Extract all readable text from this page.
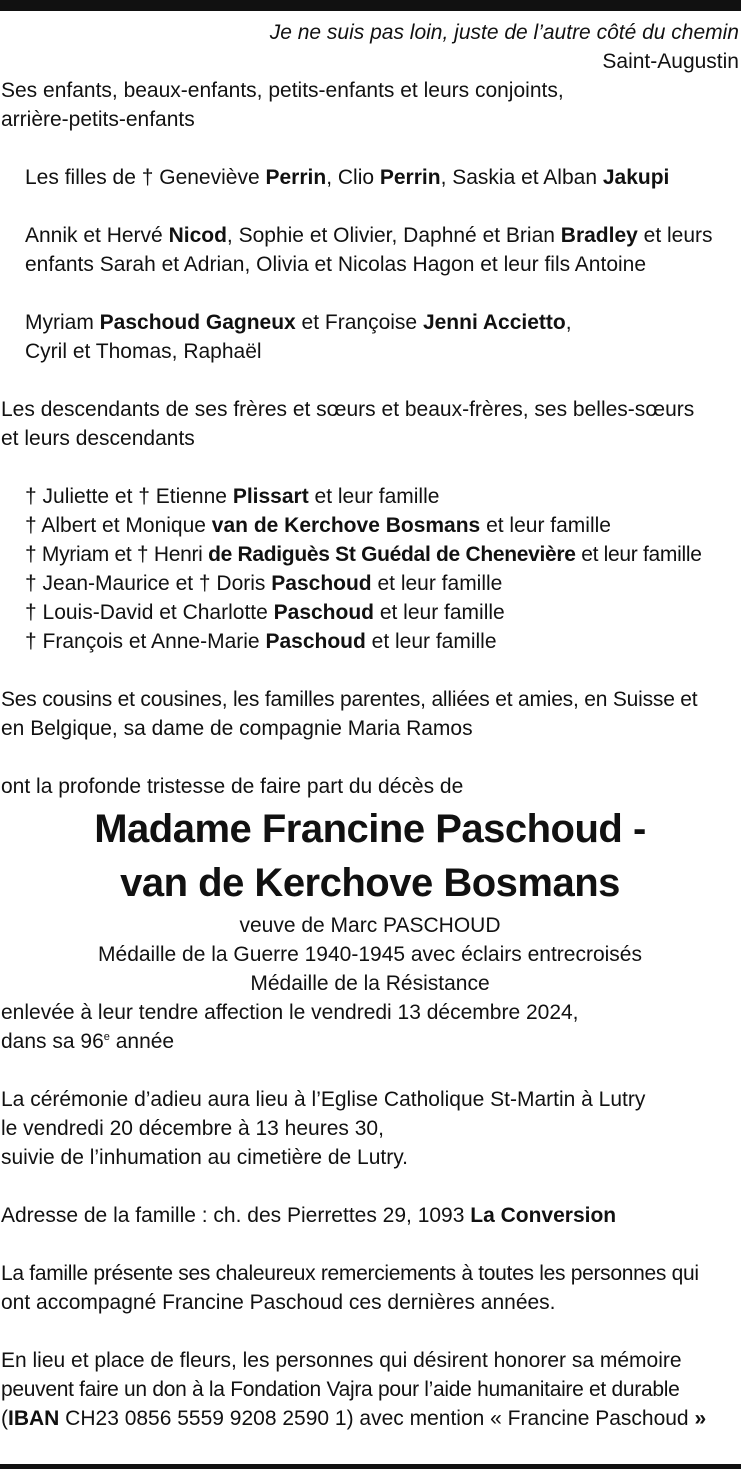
Je ne suis pas loin, juste de l’autre côté du chemin
Saint-Augustin
Ses enfants, beaux-enfants, petits-enfants et leurs conjoints,
arrière-petits-enfants
Les filles de † Geneviève Perrin, Clio Perrin, Saskia et Alban Jakupi
Annik et Hervé Nicod, Sophie et Olivier, Daphné et Brian Bradley et leurs
enfants Sarah et Adrian, Olivia et Nicolas Hagon et leur fils Antoine
Myriam Paschoud Gagneux et Françoise Jenni Accietto,
Cyril et Thomas, Raphaël
Les descendants de ses frères et sœurs et beaux-frères, ses belles-sœurs
et leurs descendants
† Juliette et † Etienne Plissart et leur famille
† Albert et Monique van de Kerchove Bosmans et leur famille
† Myriam et † Henri de Radiguès St Guédal de Chenevière et leur famille
† Jean-Maurice et † Doris Paschoud et leur famille
† Louis-David et Charlotte Paschoud et leur famille
† François et Anne-Marie Paschoud et leur famille
Ses cousins et cousines, les familles parentes, alliées et amies, en Suisse et
en Belgique, sa dame de compagnie Maria Ramos
ont la profonde tristesse de faire part du décès de
Madame Francine Paschoud -
van de Kerchove Bosmans
veuve de Marc PASCHOUD
Médaille de la Guerre 1940-1945 avec éclairs entrecroisés
Médaille de la Résistance
enlevée à leur tendre affection le vendredi 13 décembre 2024,
dans sa 96e année
La cérémonie d’adieu aura lieu à l’Eglise Catholique St-Martin à Lutry
le vendredi 20 décembre à 13 heures 30,
suivie de l’inhumation au cimetière de Lutry.
Adresse de la famille : ch. des Pierrettes 29, 1093 La Conversion
La famille présente ses chaleureux remerciements à toutes les personnes qui
ont accompagné Francine Paschoud ces dernières années.
En lieu et place de fleurs, les personnes qui désirent honorer sa mémoire
peuvent faire un don à la Fondation Vajra pour l’aide humanitaire et durable
(IBAN CH23 0856 5559 9208 2590 1) avec mention « Francine Paschoud »
